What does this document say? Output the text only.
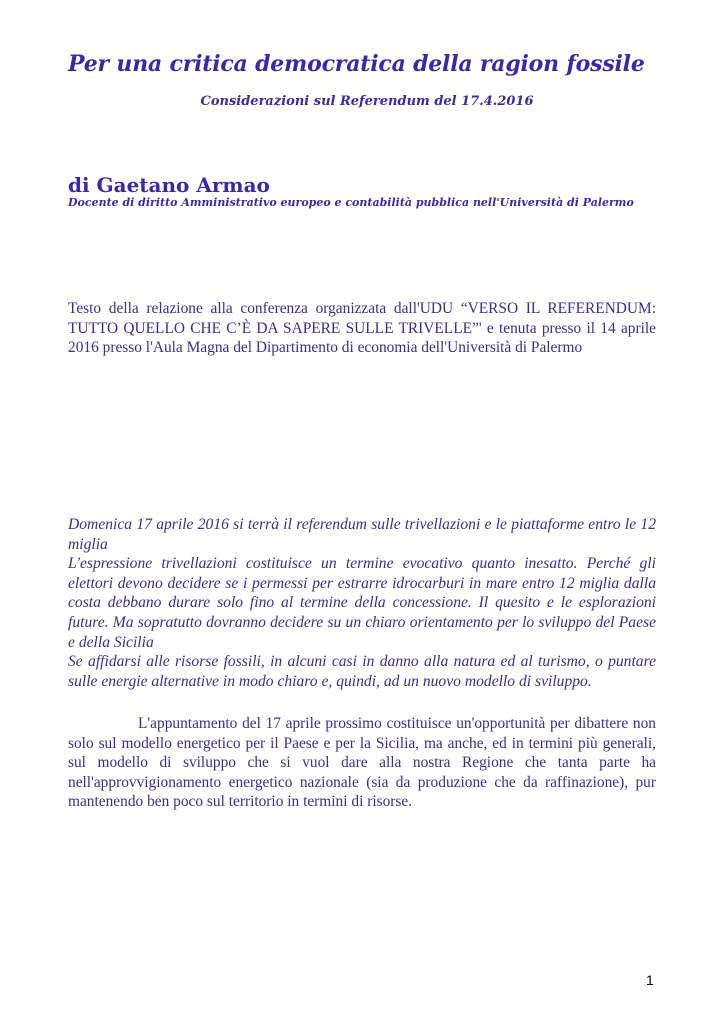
Per una critica democratica della ragion fossile
Considerazioni sul Referendum del 17.4.2016
di Gaetano Armao
Docente di diritto Amministrativo europeo e contabilità pubblica nell'Università di Palermo

Testo della relazione alla conferenza organizzata dall'UDU “VERSO IL REFERENDUM: TUTTO QUELLO CHE C’È DA SAPERE SULLE TRIVELLE”' e tenuta presso il 14 aprile 2016 presso l'Aula Magna del Dipartimento di economia dell'Università di Palermo

Domenica 17 aprile 2016 si terrà il referendum sulle trivellazioni e le piattaforme entro le 12 miglia
L'espressione trivellazioni costituisce un termine evocativo quanto inesatto. Perché gli elettori devono decidere se i permessi per estrarre idrocarburi in mare entro 12 miglia dalla costa debbano durare solo fino al termine della concessione. Il quesito e le esplorazioni future. Ma sopratutto dovranno decidere su un chiaro orientamento per lo sviluppo del Paese e della Sicilia
Se affidarsi alle risorse fossili, in alcuni casi in danno alla natura ed al turismo, o puntare sulle energie alternative in modo chiaro e, quindi, ad un nuovo modello di sviluppo.

L'appuntamento del 17 aprile prossimo costituisce un'opportunità per dibattere non solo sul modello energetico per il Paese e per la Sicilia, ma anche, ed in termini più generali, sul modello di sviluppo che si vuol dare alla nostra Regione che tanta parte ha nell'approvvigionamento energetico nazionale (sia da produzione che da raffinazione), pur mantenendo ben poco sul territorio in termini di risorse.

1
